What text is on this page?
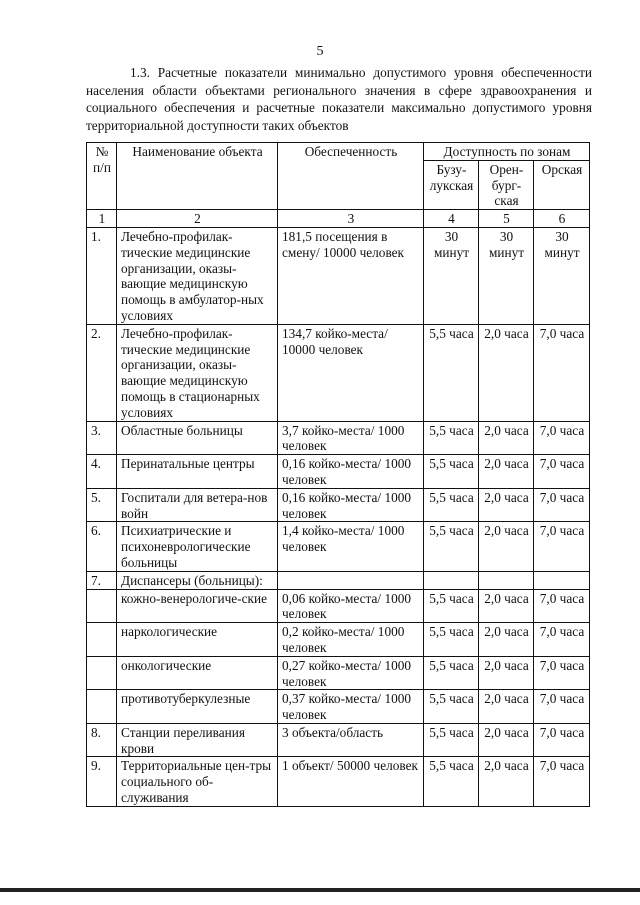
5
1.3. Расчетные показатели минимально допустимого уровня обеспеченности населения области объектами регионального значения в сфере здравоохранения и социального обеспечения и расчетные показатели максимально допустимого уровня территориальной доступности таких объектов
№ п/п	Наименование объекта	Обеспеченность	Доступность по зонам		
			Бузу-лукская	Орен-бург-ская	Орская
1	2	3	4	5	6
1.	Лечебно-профилак-тические медицинские организации, оказы-вающие медицинскую помощь в амбулатор-ных условиях	181,5 посещения в смену/ 10000 человек	30 минут	30 минут	30 минут
2.	Лечебно-профилак-тические медицинские организации, оказы-вающие медицинскую помощь в стационарных условиях	134,7 койко-места/ 10000 человек	5,5 часа	2,0 часа	7,0 часа
3.	Областные больницы	3,7 койко-места/ 1000 человек	5,5 часа	2,0 часа	7,0 часа
4.	Перинатальные центры	0,16 койко-места/ 1000 человек	5,5 часа	2,0 часа	7,0 часа
5.	Госпитали для ветера-нов войн	0,16 койко-места/ 1000 человек	5,5 часа	2,0 часа	7,0 часа
6.	Психиатрические и психоневрологические больницы	1,4 койко-места/ 1000 человек	5,5 часа	2,0 часа	7,0 часа
7.	Диспансеры (больницы):				
	кожно-венерологиче-ские	0,06 койко-места/ 1000 человек	5,5 часа	2,0 часа	7,0 часа
	наркологические	0,2 койко-места/ 1000 человек	5,5 часа	2,0 часа	7,0 часа
	онкологические	0,27 койко-места/ 1000 человек	5,5 часа	2,0 часа	7,0 часа
	противотуберкулезные	0,37 койко-места/ 1000 человек	5,5 часа	2,0 часа	7,0 часа
8.	Станции переливания крови	3 объекта/область	5,5 часа	2,0 часа	7,0 часа
9.	Территориальные цен-тры социального об-служивания	1 объект/ 50000 человек	5,5 часа	2,0 часа	7,0 часа
